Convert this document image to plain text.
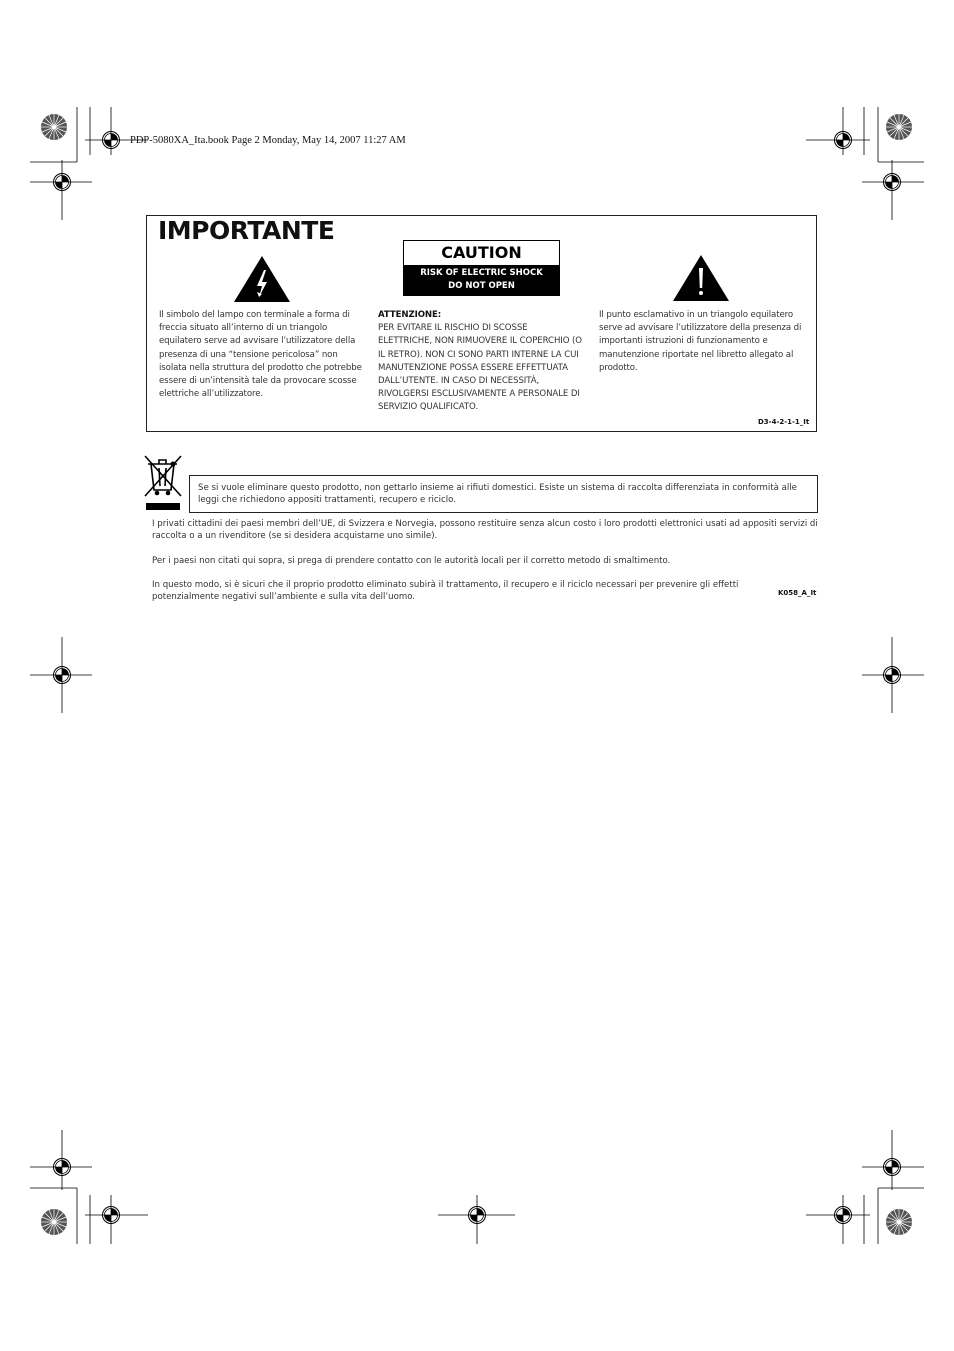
PDP-5080XA_Ita.book Page 2 Monday, May 14, 2007 11:27 AM
IMPORTANTE
CAUTION
RISK OF ELECTRIC SHOCK
DO NOT OPEN
Il simbolo del lampo con terminale a forma di freccia situato all’interno di un triangolo equilatero serve ad avvisare l’utilizzatore della presenza di una “tensione pericolosa” non isolata nella struttura del prodotto che potrebbe essere di un’intensità tale da provocare scosse elettriche all’utilizzatore.
ATTENZIONE:
PER EVITARE IL RISCHIO DI SCOSSE ELETTRICHE, NON RIMUOVERE IL COPERCHIO (O IL RETRO). NON CI SONO PARTI INTERNE LA CUI MANUTENZIONE POSSA ESSERE EFFETTUATA DALL’UTENTE. IN CASO DI NECESSITÀ, RIVOLGERSI ESCLUSIVAMENTE A PERSONALE DI SERVIZIO QUALIFICATO.
Il punto esclamativo in un triangolo equilatero serve ad avvisare l’utilizzatore della presenza di importanti istruzioni di funzionamento e manutenzione riportate nel libretto allegato al prodotto.
D3-4-2-1-1_It
Se si vuole eliminare questo prodotto, non gettarlo insieme ai rifiuti domestici. Esiste un sistema di raccolta differenziata in conformità alle leggi che richiedono appositi trattamenti, recupero e riciclo.
I privati cittadini dei paesi membri dell’UE, di Svizzera e Norvegia, possono restituire senza alcun costo i loro prodotti elettronici usati ad appositi servizi di raccolta o a un rivenditore (se si desidera acquistarne uno simile).
Per i paesi non citati qui sopra, si prega di prendere contatto con le autorità locali per il corretto metodo di smaltimento.
In questo modo, si è sicuri che il proprio prodotto eliminato subirà il trattamento, il recupero e il riciclo necessari per prevenire gli effetti potenzialmente negativi sull’ambiente e sulla vita dell’uomo.	K058_A_It
